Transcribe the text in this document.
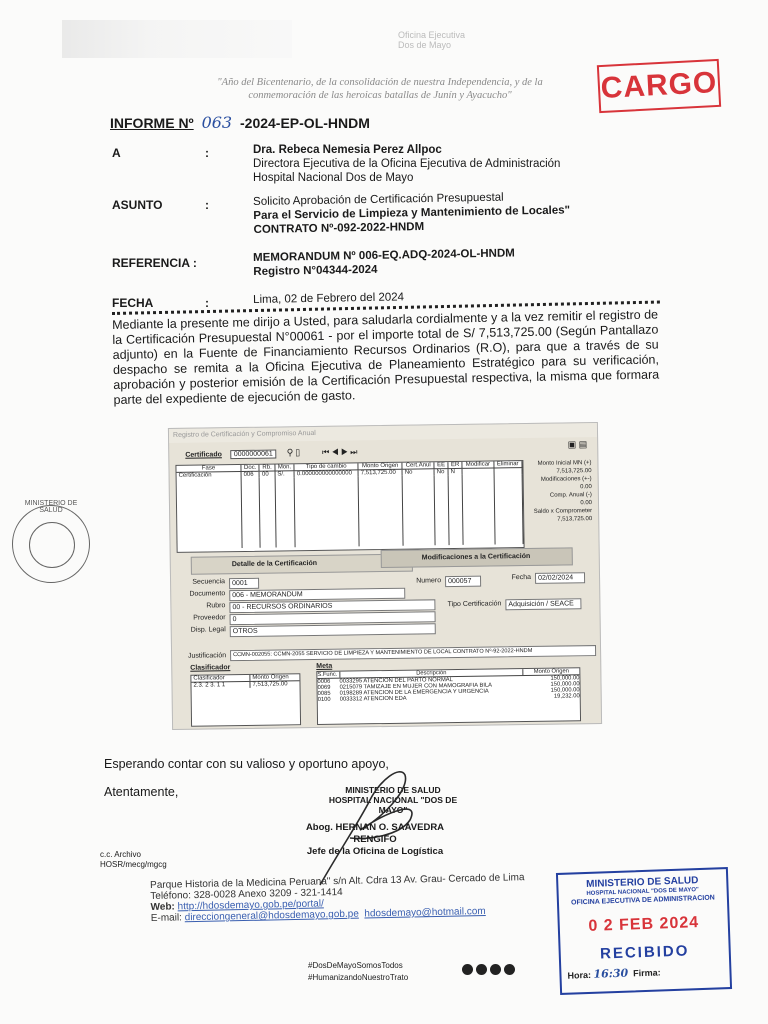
Oficina Ejecutiva
Dos de Mayo
"Año del Bicentenario, de la consolidación de nuestra Independencia, y de la
conmemoración de las heroicas batallas de Junín y Ayacucho"	CARGO
INFORME Nº 063 -2024-EP-OL-HNDM
A	:	Dra. Rebeca Nemesia Perez Allpoc
Directora Ejecutiva de la Oficina Ejecutiva de Administración
Hospital Nacional Dos de Mayo
ASUNTO	:	Solicito Aprobación de Certificación Presupuestal
Para el Servicio de Limpieza y Mantenimiento de Locales"
CONTRATO Nº-092-2022-HNDM
REFERENCIA :	MEMORANDUM Nº 006-EQ.ADQ-2024-OL-HNDM
Registro N°04344-2024
FECHA	:	Lima, 02 de Febrero del 2024
Mediante la presente me dirijo a Usted, para saludarla cordialmente y a la vez remitir el registro de la Certificación Presupuestal N°00061 - por el importe total de S/ 7,513,725.00 (Según Pantallazo adjunto) en la Fuente de Financiamiento Recursos Ordinarios (R.O), para que a través de su despacho se remita a la Oficina Ejecutiva de Planeamiento Estratégico para su verificación, aprobación y posterior emisión de la Certificación Presupuestal respectiva, la misma que formara parte del expediente de ejecución de gasto.
Registro de Certificación y Compromiso Anual
▣ ▤
Certificado 0000000061 ⚲ ▯	⏮ ◀ ▶ ⏭
Fase	Doc.	Rb.	Mon.	Tipo de cambio	Monto Origen	Cert.Anul	EE	ER	Modificar	Eliminar
Certificación	006	00	S/.	0.000000000000000	7,513,725.00	No	No	N		

Monto Inicial MN (+)
7,513,725.00
Modificaciones (+-)
0.00
Comp. Anual (-)
0.00
Saldo x Comprometer
7,513,725.00
Detalle de la Certificación
Modificaciones a la Certificación
Secuencia 0001	Numero 000057
Fecha 02/02/2024
Documento 006 - MEMORANDUM
Rubro 00 - RECURSOS ORDINARIOS	Tipo Certificación Adquisición / SEACE
Proveedor 0
Disp. Legal OTROS
Justificación	CCMN-002055: CCMN-2055 SERVICIO DE LIMPIEZA Y MANTENIMIENTO DE LOCAL CONTRATO Nº-92-2022-HNDM
Clasificador
Clasificador	Monto Origen
2.3. 2 3. 1 1	7,513,725.00
Meta
S.Func.	Descripción	Monto Origen
0006	0033295 ATENCION DEL PARTO NORMAL	150,000.00
0069	0215079 TAMIZAJE EN MUJER CON MAMOGRAFIA BILA	150,000.00
0085	0198289 ATENCION DE LA EMERGENCIA Y URGENCIA	150,000.00
0100	0033312 ATENCION EDA	19,232.00
MINISTERIO DE SALUD
Esperando contar con su valioso y oportuno apoyo,
Atentamente,	MINISTERIO DE SALUD
HOSPITAL NACIONAL "DOS DE MAYO"
Abog. HERNAN O. SAAVEDRA RENGIFO
Jefe de la Oficina de Logística
c.c. Archivo
HOSR/mecg/mgcg
Parque Historia de la Medicina Peruana" s/n Alt. Cdra 13 Av. Grau- Cercado de Lima
Teléfono: 328-0028 Anexo 3209 - 321-1414
Web: http://hdosdemayo.gob.pe/portal/
E-mail: direcciongeneral@hdosdemayo.gob.pe hdosdemayo@hotmail.com
#DosDeMayoSomosTodos
#HumanizandoNuestroTrato
MINISTERIO DE SALUD
HOSPITAL NACIONAL "DOS DE MAYO"
OFICINA EJECUTIVA DE ADMINISTRACION
0 2 FEB 2024
RECIBIDO
Hora: 16:30 Firma:
